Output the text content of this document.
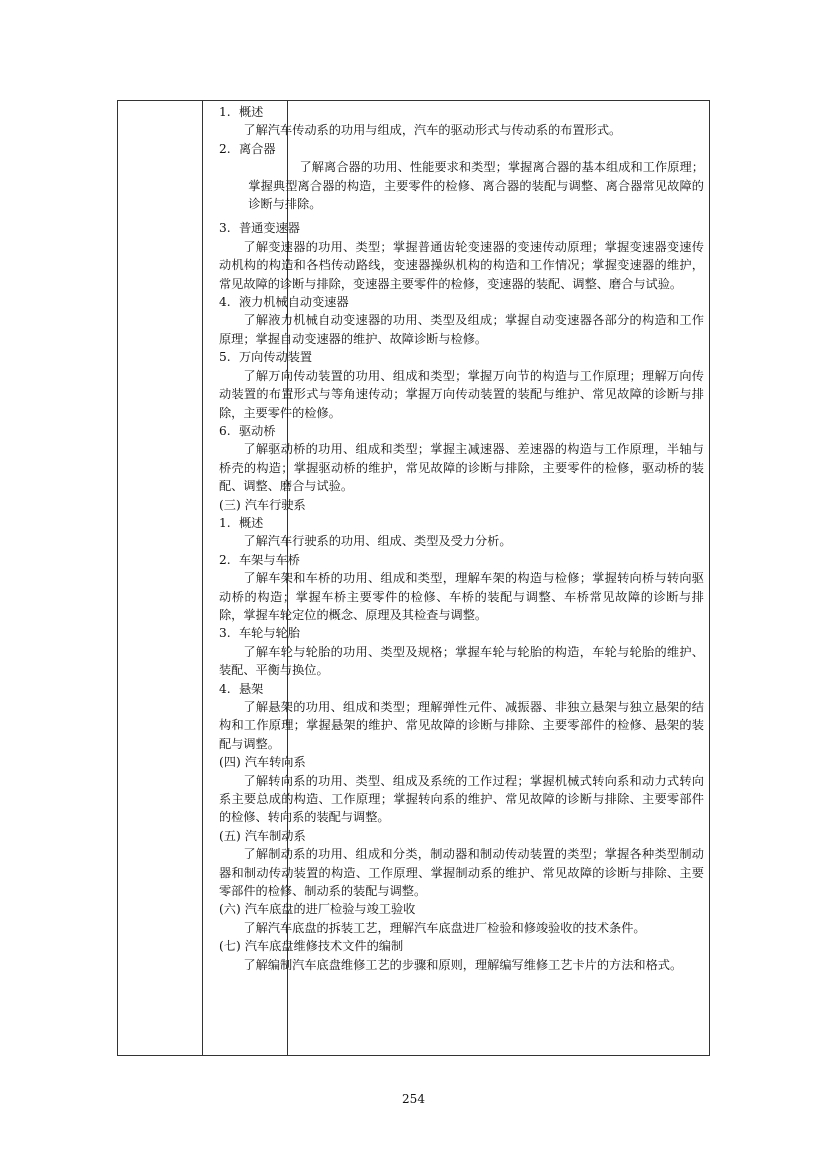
1. 概述
了解汽车传动系的功用与组成，汽车的驱动形式与传动系的布置形式。
2. 离合器
了解离合器的功用、性能要求和类型；掌握离合器的基本组成和工作原理；掌握典型离合器的构造，主要零件的检修、离合器的装配与调整、离合器常见故障的诊断与排除。
3. 普通变速器
了解变速器的功用、类型；掌握普通齿轮变速器的变速传动原理；掌握变速器变速传动机构的构造和各档传动路线，变速器操纵机构的构造和工作情况；掌握变速器的维护，常见故障的诊断与排除，变速器主要零件的检修，变速器的装配、调整、磨合与试验。
4. 液力机械自动变速器
了解液力机械自动变速器的功用、类型及组成；掌握自动变速器各部分的构造和工作原理；掌握自动变速器的维护、故障诊断与检修。
5. 万向传动装置
了解万向传动装置的功用、组成和类型；掌握万向节的构造与工作原理；理解万向传动装置的布置形式与等角速传动；掌握万向传动装置的装配与维护、常见故障的诊断与排除，主要零件的检修。
6. 驱动桥
了解驱动桥的功用、组成和类型；掌握主减速器、差速器的构造与工作原理，半轴与桥壳的构造；掌握驱动桥的维护，常见故障的诊断与排除，主要零件的检修，驱动桥的装配、调整、磨合与试验。
(三) 汽车行驶系
1. 概述
了解汽车行驶系的功用、组成、类型及受力分析。
2. 车架与车桥
了解车架和车桥的功用、组成和类型，理解车架的构造与检修；掌握转向桥与转向驱动桥的构造；掌握车桥主要零件的检修、车桥的装配与调整、车桥常见故障的诊断与排除，掌握车轮定位的概念、原理及其检查与调整。
3. 车轮与轮胎
了解车轮与轮胎的功用、类型及规格；掌握车轮与轮胎的构造，车轮与轮胎的维护、装配、平衡与换位。
4. 悬架
了解悬架的功用、组成和类型；理解弹性元件、减振器、非独立悬架与独立悬架的结构和工作原理；掌握悬架的维护、常见故障的诊断与排除、主要零部件的检修、悬架的装配与调整。
(四) 汽车转向系
了解转向系的功用、类型、组成及系统的工作过程；掌握机械式转向系和动力式转向系主要总成的构造、工作原理；掌握转向系的维护、常见故障的诊断与排除、主要零部件的检修、转向系的装配与调整。
(五) 汽车制动系
了解制动系的功用、组成和分类，制动器和制动传动装置的类型；掌握各种类型制动器和制动传动装置的构造、工作原理、掌握制动系的维护、常见故障的诊断与排除、主要零部件的检修、制动系的装配与调整。
(六) 汽车底盘的进厂检验与竣工验收
了解汽车底盘的拆装工艺，理解汽车底盘进厂检验和修竣验收的技术条件。
(七) 汽车底盘维修技术文件的编制
了解编制汽车底盘维修工艺的步骤和原则，理解编写维修工艺卡片的方法和格式。
254
